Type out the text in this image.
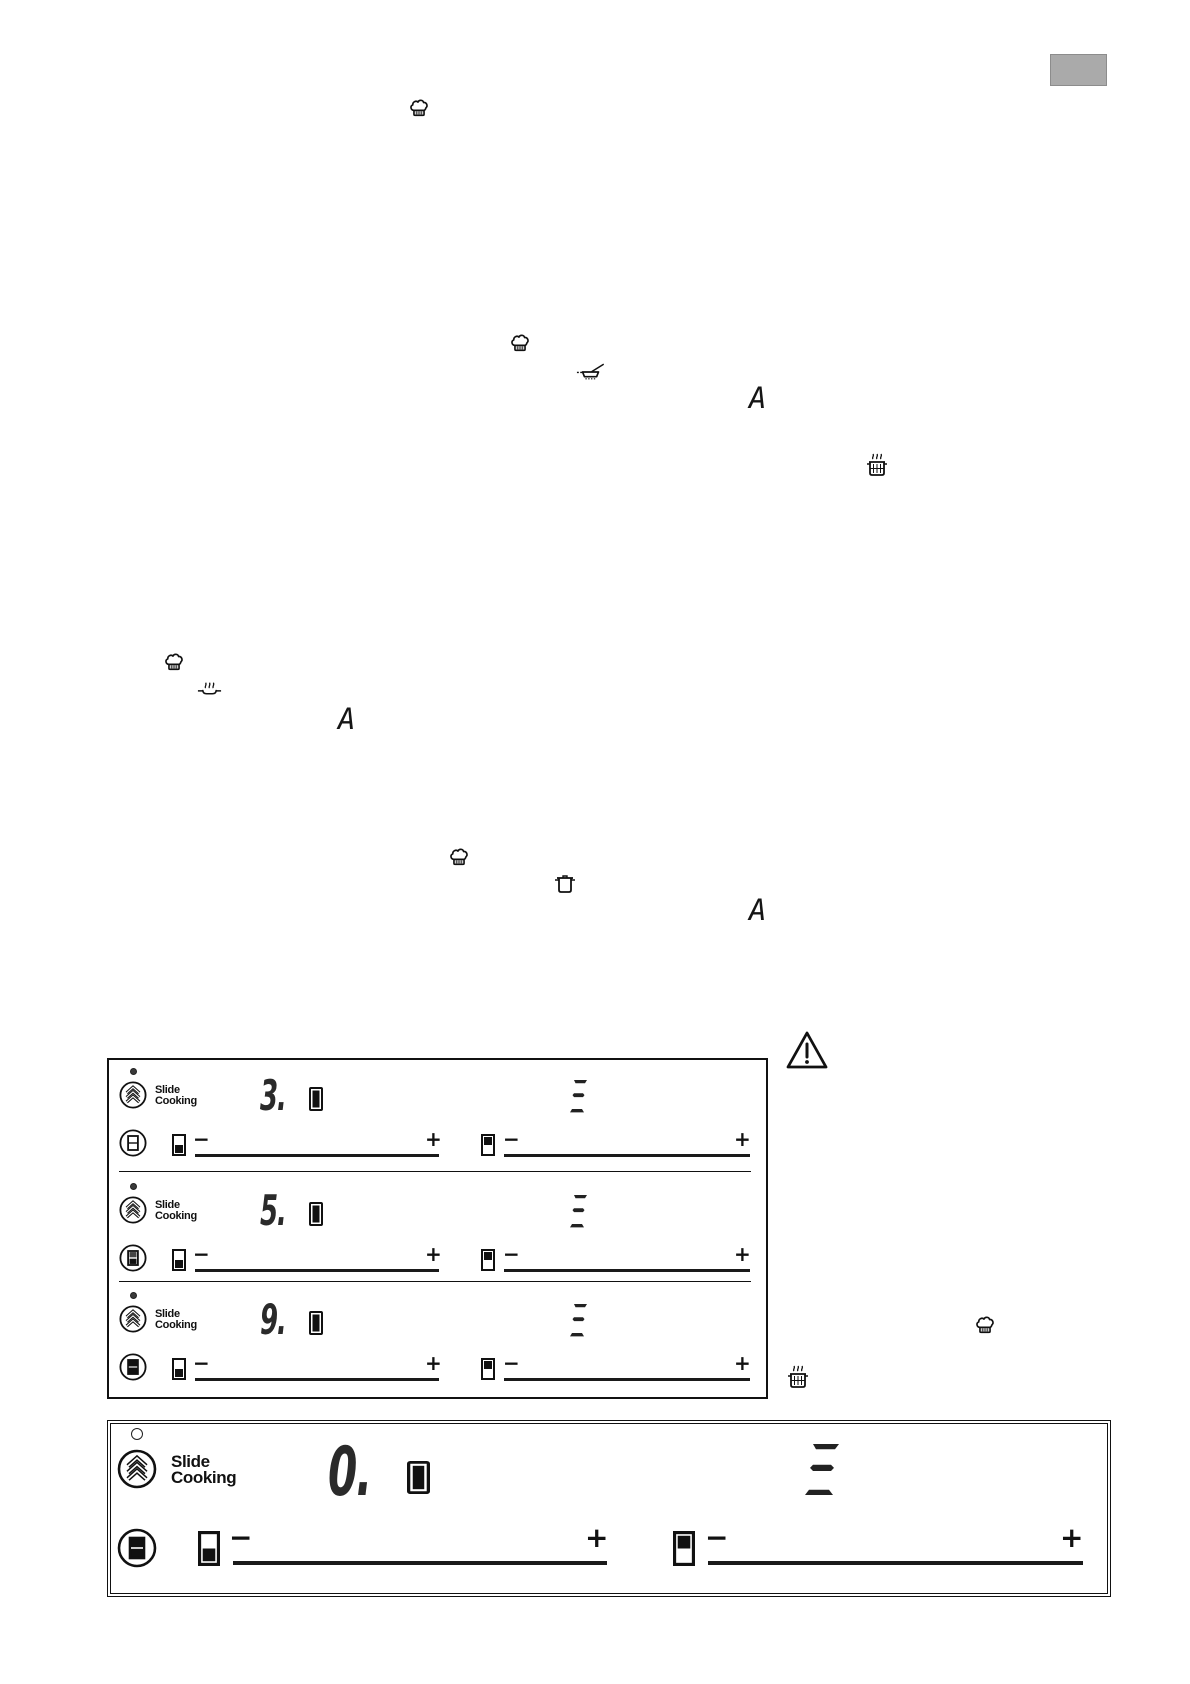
A
A
A
Slide
Cooking 3.
−	+	−	+
Slide
Cooking 5.
−	+	−	+
Slide
Cooking 9.
−	+	−	+
Slide
Cooking 0.
−	+	−	+
